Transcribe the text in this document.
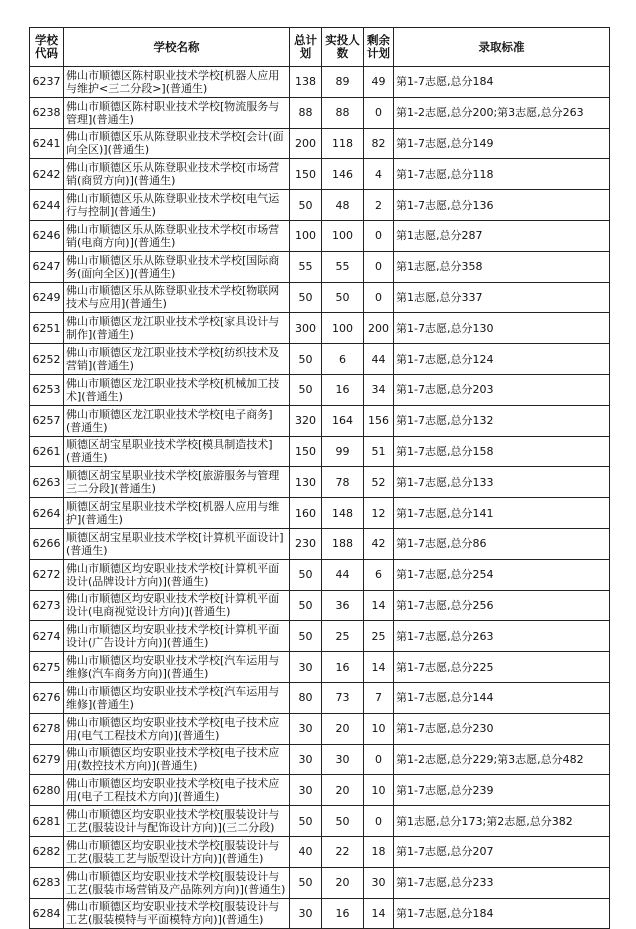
学校代码	学校名称	总计划	实投人数	剩余计划	录取标准
6237	佛山市顺德区陈村职业技术学校[机器人应用与维护<三二分段>](普通生)	138	89	49	第1-7志愿,总分184
6238	佛山市顺德区陈村职业技术学校[物流服务与管理](普通生)	88	88	0	第1-2志愿,总分200;第3志愿,总分263
6241	佛山市顺德区乐从陈登职业技术学校[会计(面向全区)](普通生)	200	118	82	第1-7志愿,总分149
6242	佛山市顺德区乐从陈登职业技术学校[市场营销(商贸方向)](普通生)	150	146	4	第1-7志愿,总分118
6244	佛山市顺德区乐从陈登职业技术学校[电气运行与控制](普通生)	50	48	2	第1-7志愿,总分136
6246	佛山市顺德区乐从陈登职业技术学校[市场营销(电商方向)](普通生)	100	100	0	第1志愿,总分287
6247	佛山市顺德区乐从陈登职业技术学校[国际商务(面向全区)](普通生)	55	55	0	第1志愿,总分358
6249	佛山市顺德区乐从陈登职业技术学校[物联网技术与应用](普通生)	50	50	0	第1志愿,总分337
6251	佛山市顺德区龙江职业技术学校[家具设计与制作](普通生)	300	100	200	第1-7志愿,总分130
6252	佛山市顺德区龙江职业技术学校[纺织技术及营销](普通生)	50	6	44	第1-7志愿,总分124
6253	佛山市顺德区龙江职业技术学校[机械加工技术](普通生)	50	16	34	第1-7志愿,总分203
6257	佛山市顺德区龙江职业技术学校[电子商务](普通生)	320	164	156	第1-7志愿,总分132
6261	顺德区胡宝星职业技术学校[模具制造技术](普通生)	150	99	51	第1-7志愿,总分158
6263	顺德区胡宝星职业技术学校[旅游服务与管理三二分段](普通生)	130	78	52	第1-7志愿,总分133
6264	顺德区胡宝星职业技术学校[机器人应用与维护](普通生)	160	148	12	第1-7志愿,总分141
6266	顺德区胡宝星职业技术学校[计算机平面设计](普通生)	230	188	42	第1-7志愿,总分86
6272	佛山市顺德区均安职业技术学校[计算机平面设计(品牌设计方向)](普通生)	50	44	6	第1-7志愿,总分254
6273	佛山市顺德区均安职业技术学校[计算机平面设计(电商视觉设计方向)](普通生)	50	36	14	第1-7志愿,总分256
6274	佛山市顺德区均安职业技术学校[计算机平面设计(广告设计方向)](普通生)	50	25	25	第1-7志愿,总分263
6275	佛山市顺德区均安职业技术学校[汽车运用与维修(汽车商务方向)](普通生)	30	16	14	第1-7志愿,总分225
6276	佛山市顺德区均安职业技术学校[汽车运用与维修](普通生)	80	73	7	第1-7志愿,总分144
6278	佛山市顺德区均安职业技术学校[电子技术应用(电气工程技术方向)](普通生)	30	20	10	第1-7志愿,总分230
6279	佛山市顺德区均安职业技术学校[电子技术应用(数控技术方向)](普通生)	30	30	0	第1-2志愿,总分229;第3志愿,总分482
6280	佛山市顺德区均安职业技术学校[电子技术应用(电子工程技术方向)](普通生)	30	20	10	第1-7志愿,总分239
6281	佛山市顺德区均安职业技术学校[服装设计与工艺(服装设计与配饰设计方向)](三二分段)	50	50	0	第1志愿,总分173;第2志愿,总分382
6282	佛山市顺德区均安职业技术学校[服装设计与工艺(服装工艺与版型设计方向)](普通生)	40	22	18	第1-7志愿,总分207
6283	佛山市顺德区均安职业技术学校[服装设计与工艺(服装市场营销及产品陈列方向)](普通生)	50	20	30	第1-7志愿,总分233
6284	佛山市顺德区均安职业技术学校[服装设计与工艺(服装模特与平面模特方向)](普通生)	30	16	14	第1-7志愿,总分184
